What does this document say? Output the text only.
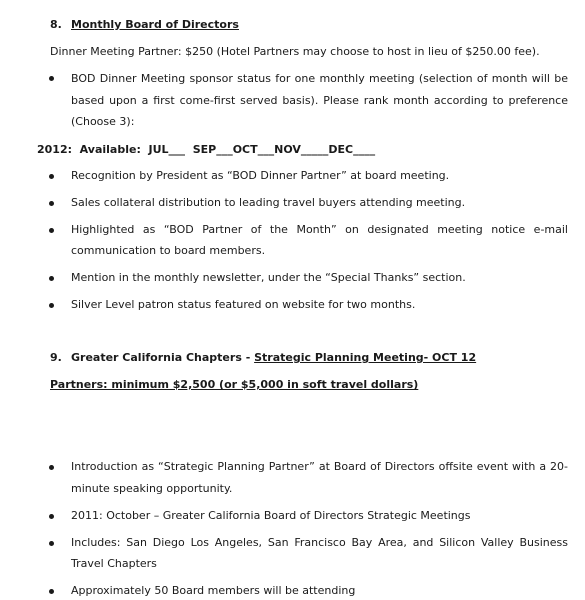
8. Monthly Board of Directors
Dinner Meeting Partner: $250 (Hotel Partners may choose to host in lieu of $250.00 fee).
BOD Dinner Meeting sponsor status for one monthly meeting (selection of month will be
based upon a first come-first served basis). Please rank month according to preference
(Choose 3):
2012:  Available:  JUL___  SEP___OCT___NOV_____DEC____
Recognition by President as “BOD Dinner Partner” at board meeting.
Sales collateral distribution to leading travel buyers attending meeting.
Highlighted as “BOD Partner of the Month” on designated meeting notice e-mail
communication to board members.
Mention in the monthly newsletter, under the “Special Thanks” section.
Silver Level patron status featured on website for two months.
9. Greater California Chapters - Strategic Planning Meeting- OCT 12
Partners: minimum $2,500 (or $5,000 in soft travel dollars)
Introduction as “Strategic Planning Partner” at Board of Directors offsite event with a 20-
minute speaking opportunity.
2011: October – Greater California Board of Directors Strategic Meetings
Includes: San Diego Los Angeles, San Francisco Bay Area, and Silicon Valley Business
Travel Chapters
Approximately 50 Board members will be attending
